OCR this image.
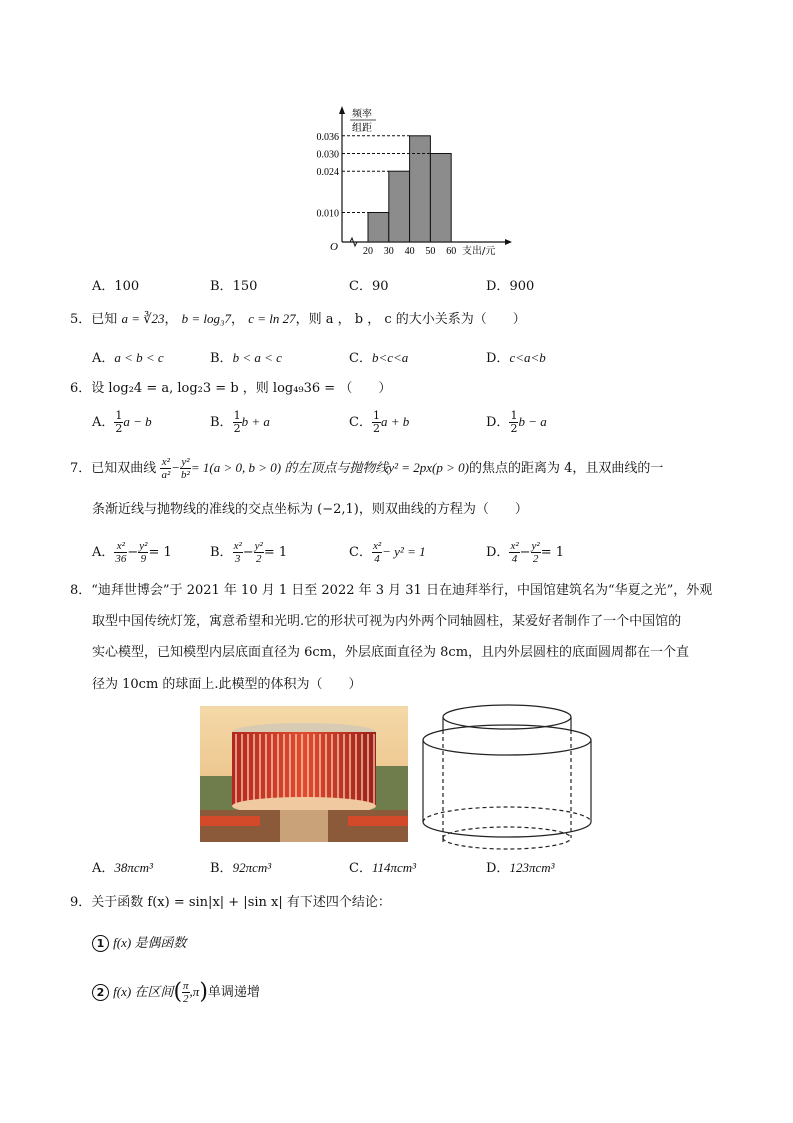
0.010
0.024
0.030
0.036
20 30 40 50 60
O	支出/元
频率
组距
A．100	B．150	C．90	D．900
5．已知 a = ∛23， b = log₃7， c = ln 27，则 a ， b ， c 的大小关系为（　　）
A．a < b < c	B．b < a < c	C．b<c<a	D．c<a<b
6．设 log₂4 = a, log₂3 = b ，则 log₄₉36 = （　　）
A． $\frac{1}{2}$ a − b	B． $\frac{1}{2}$ b + a	C． $\frac{1}{2}$ a + b	D． $\frac{1}{2}$ b − a
7．已知双曲线 $\frac{\text{x²}}{\text{a²}} - \frac{\text{y²}}{\text{b²}} = 1(a > 0$, b > 0) 的左顶点与抛物线y² = 2px(p > 0)的焦点的距离为 4，且双曲线的一
条渐近线与抛物线的准线的交点坐标为 (−2,1)，则双曲线的方程为（　　）
A． $\frac{\text{x²}}{36} - \frac{\text{y²}}{9} = 1$	B． $\frac{\text{x²}}{3} - \frac{\text{y²}}{2} = 1$	C． $\frac{\text{x²}}{4} - y^2 = 1$	D． $\frac{\text{x²}}{4} - \frac{\text{y²}}{2} = 1$
8．“迪拜世博会”于 2021 年 10 月 1 日至 2022 年 3 月 31 日在迪拜举行，中国馆建筑名为“华夏之光”，外观
取型中国传统灯笼，寓意希望和光明.它的形状可视为内外两个同轴圆柱，某爱好者制作了一个中国馆的
实心模型，已知模型内层底面直径为 6cm，外层底面直径为 8cm，且内外层圆柱的底面圆周都在一个直
径为 10cm 的球面上.此模型的体积为（　　）
A．38πcm³	B．92πcm³	C．114πcm³	D．123πcm³
9．关于函数 f(x) = sin|x| + |sin x| 有下述四个结论：
1 f(x) 是偶函数
2 f(x) 在区间( $\frac{\pi}{2} ,\pi$)单调递增
